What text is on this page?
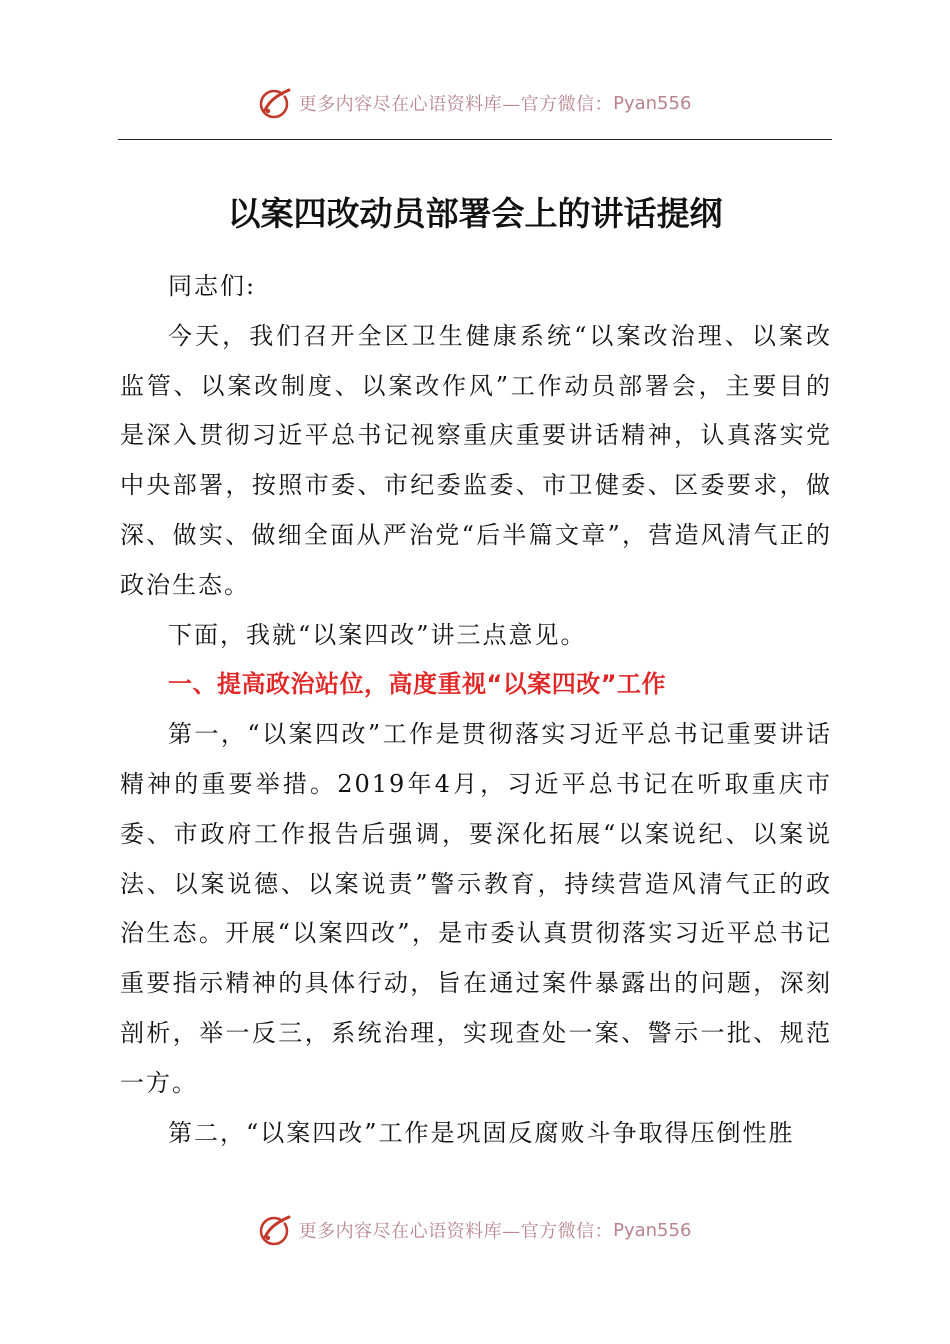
更多内容尽在心语资料库—官方微信： Pyan556
以案四改动员部署会上的讲话提纲

同志们:

今天，我们召开全区卫生健康系统“以案改治理、以案改监管、以案改制度、以案改作风”工作动员部署会，主要目的是深入贯彻习近平总书记视察重庆重要讲话精神，认真落实党中央部署，按照市委、市纪委监委、市卫健委、区委要求，做深、做实、做细全面从严治党“后半篇文章”，营造风清气正的政治生态。

下面，我就“以案四改”讲三点意见。

一、提高政治站位，高度重视“以案四改”工作

第一，“以案四改”工作是贯彻落实习近平总书记重要讲话精神的重要举措。2019年4月，习近平总书记在听取重庆市委、市政府工作报告后强调，要深化拓展“以案说纪、以案说法、以案说德、以案说责”警示教育，持续营造风清气正的政治生态。开展“以案四改”，是市委认真贯彻落实习近平总书记重要指示精神的具体行动，旨在通过案件暴露出的问题，深刻剖析，举一反三，系统治理，实现查处一案、警示一批、规范一方。

第二，“以案四改”工作是巩固反腐败斗争取得压倒性胜

更多内容尽在心语资料库—官方微信： Pyan556
